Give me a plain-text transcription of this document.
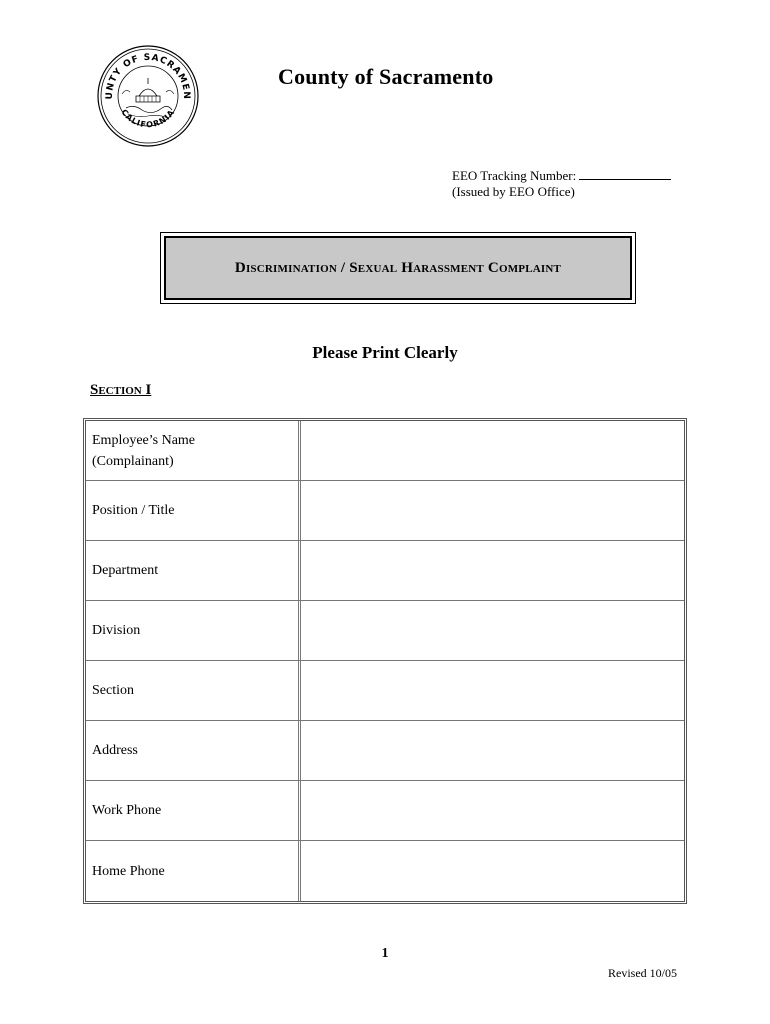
UNTY OF SACRAMEN
CALIFORNIA
County of Sacramento
EEO Tracking Number:
(Issued by EEO Office)
Discrimination / Sexual Harassment Complaint
Please Print Clearly
Section I
Employee’s Name
(Complainant)
Position / Title
Department
Division
Section
Address
Work Phone
Home Phone
1
Revised 10/05
